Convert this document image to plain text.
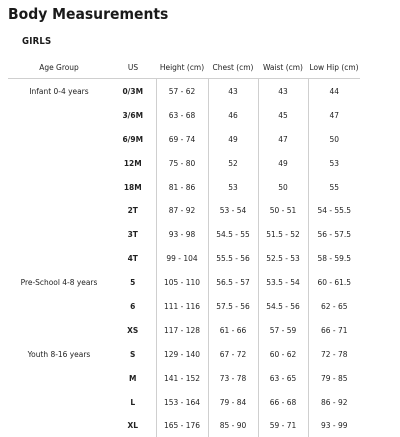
Body Measurements
GIRLS
Age Group	US	Height (cm)	Chest (cm)	Waist (cm)	Low Hip (cm)
Infant 0-4 years	0/3M	57 - 62	43	43	44
	3/6M	63 - 68	46	45	47
	6/9M	69 - 74	49	47	50
	12M	75 - 80	52	49	53
	18M	81 - 86	53	50	55
	2T	87 - 92	53 - 54	50 - 51	54 - 55.5
	3T	93 - 98	54.5 - 55	51.5 - 52	56 - 57.5
	4T	99 - 104	55.5 - 56	52.5 - 53	58 - 59.5
Pre-School 4-8 years	5	105 - 110	56.5 - 57	53.5 - 54	60 - 61.5
	6	111 - 116	57.5 - 56	54.5 - 56	62 - 65
	XS	117 - 128	61 - 66	57 - 59	66 - 71
Youth 8-16 years	S	129 - 140	67 - 72	60 - 62	72 - 78
	M	141 - 152	73 - 78	63 - 65	79 - 85
	L	153 - 164	79 - 84	66 - 68	86 - 92
	XL	165 - 176	85 - 90	59 - 71	93 - 99
